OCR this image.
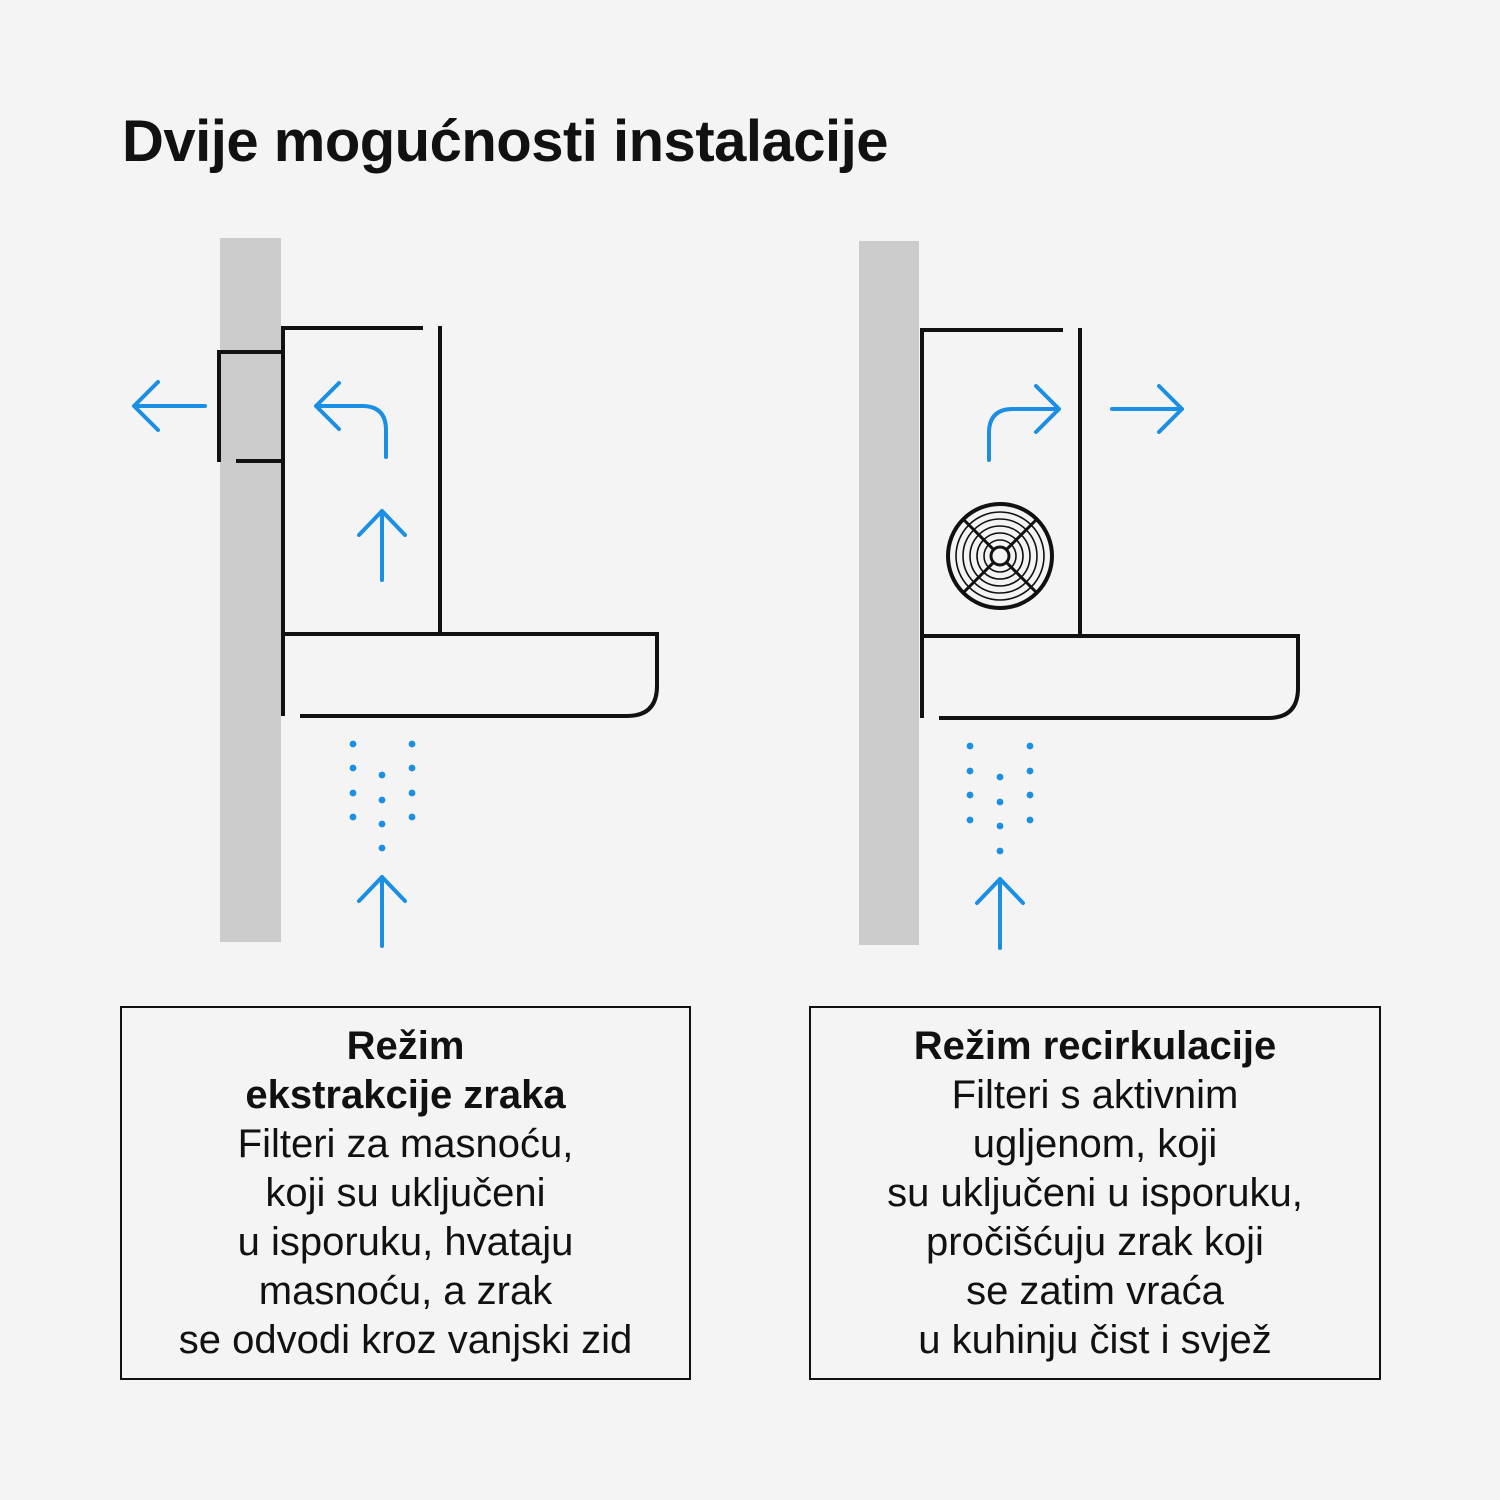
Dvije mogućnosti instalacije
Režim
ekstrakcije zraka
Filteri za masnoću,
koji su uključeni
u isporuku, hvataju
masnoću, a zrak
se odvodi kroz vanjski zid
Režim recirkulacije
Filteri s aktivnim
ugljenom, koji
su uključeni u isporuku,
pročišćuju zrak koji
se zatim vraća
u kuhinju čist i svjež
